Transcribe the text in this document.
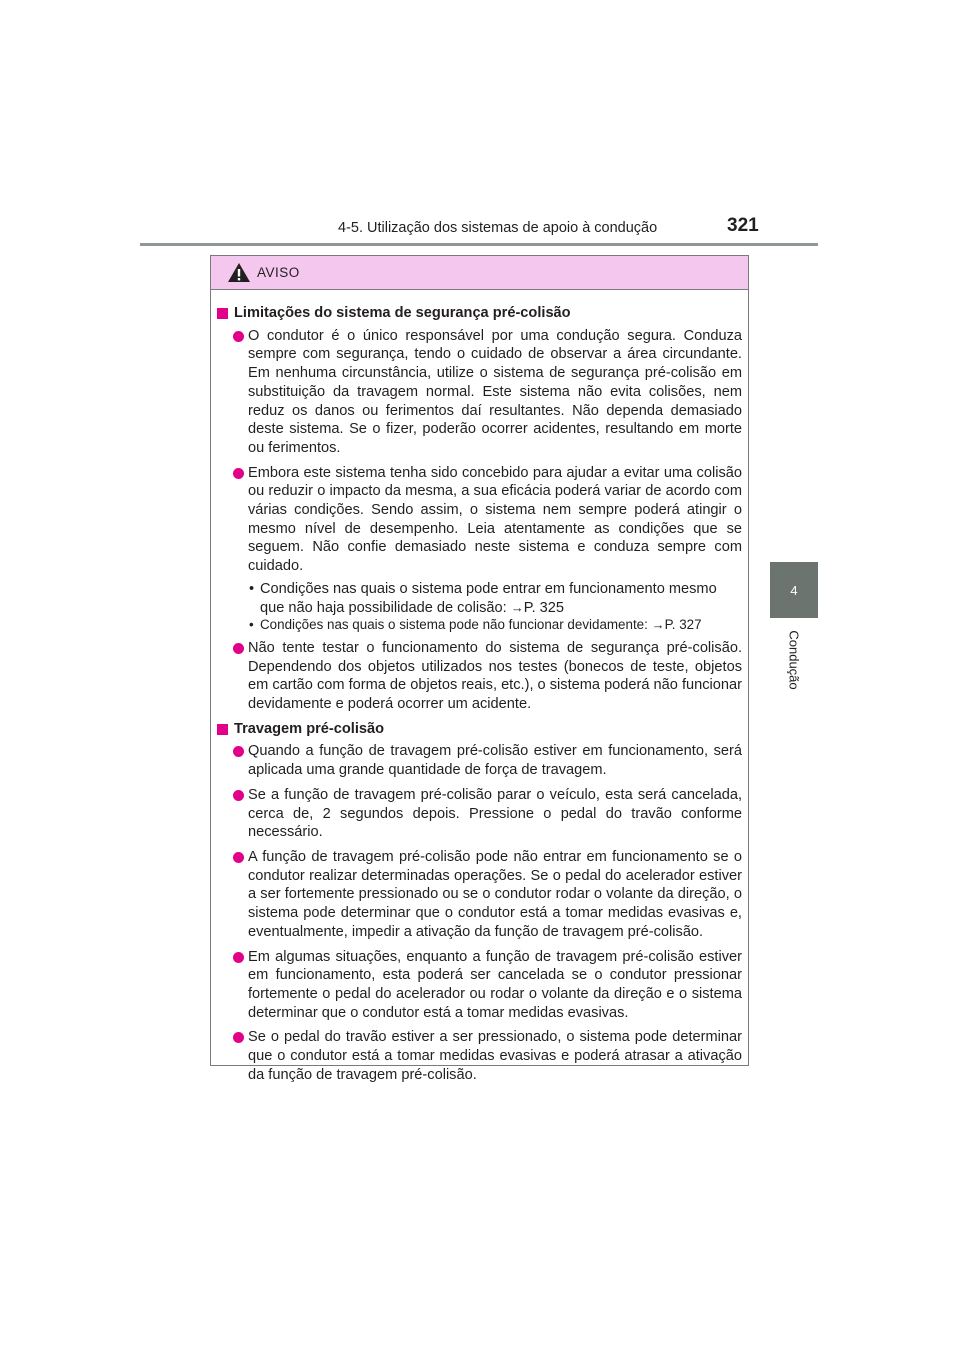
4-5. Utilização dos sistemas de apoio à condução	321
4
Condução
AVISO
Limitações do sistema de segurança pré-colisão
O condutor é o único responsável por uma condução segura. Conduza sempre com segurança, tendo o cuidado de observar a área circundante. Em nenhuma circunstância, utilize o sistema de segurança pré-colisão em substituição da travagem normal. Este sistema não evita colisões, nem reduz os danos ou ferimentos daí resultantes. Não dependa demasiado deste sistema. Se o fizer, poderão ocorrer acidentes, resultando em morte ou ferimentos.
Embora este sistema tenha sido concebido para ajudar a evitar uma colisão ou reduzir o impacto da mesma, a sua eficácia poderá variar de acordo com várias condições. Sendo assim, o sistema nem sempre poderá atingir o mesmo nível de desempenho. Leia atentamente as condições que se seguem. Não confie demasiado neste sistema e conduza sempre com cuidado.
• Condições nas quais o sistema pode entrar em funcionamento mesmo que não haja possibilidade de colisão: →P. 325
• Condições nas quais o sistema pode não funcionar devidamente: →P. 327
Não tente testar o funcionamento do sistema de segurança pré-colisão. Dependendo dos objetos utilizados nos testes (bonecos de teste, objetos em cartão com forma de objetos reais, etc.), o sistema poderá não funcionar devidamente e poderá ocorrer um acidente.
Travagem pré-colisão
Quando a função de travagem pré-colisão estiver em funcionamento, será aplicada uma grande quantidade de força de travagem.
Se a função de travagem pré-colisão parar o veículo, esta será cancelada, cerca de, 2 segundos depois. Pressione o pedal do travão conforme necessário.
A função de travagem pré-colisão pode não entrar em funcionamento se o condutor realizar determinadas operações. Se o pedal do acelerador estiver a ser fortemente pressionado ou se o condutor rodar o volante da direção, o sistema pode determinar que o condutor está a tomar medidas evasivas e, eventualmente, impedir a ativação da função de travagem pré-colisão.
Em algumas situações, enquanto a função de travagem pré-colisão estiver em funcionamento, esta poderá ser cancelada se o condutor pressionar fortemente o pedal do acelerador ou rodar o volante da direção e o sistema determinar que o condutor está a tomar medidas evasivas.
Se o pedal do travão estiver a ser pressionado, o sistema pode determinar que o condutor está a tomar medidas evasivas e poderá atrasar a ativação da função de travagem pré-colisão.
